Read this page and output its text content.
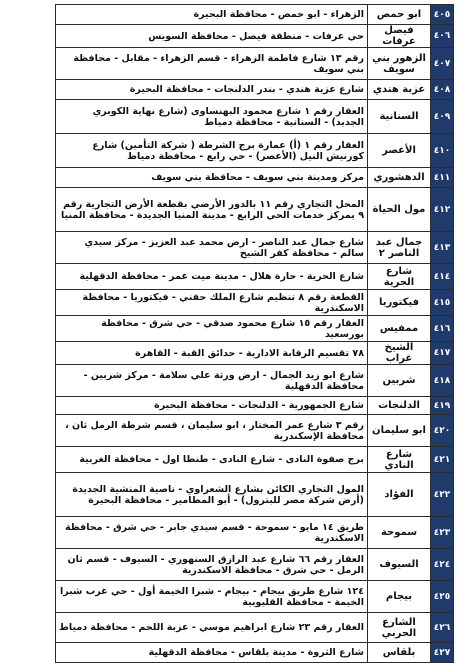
٤٠٥	ابو حمص	الزهراء - ابو حمص - محافظة البحيرة
٤٠٦	فيصل عرفات	حي عرفات - منطقة فيصل - محافظة السويس
٤٠٧	الزهور بني سويف	رقم ١٣ شارع فاطمة الزهراء - قسم الزهراء - مقابل - محافظة بني سويف
٤٠٨	عزبة هندي	شارع عزبة هندي - بندر الدلنجات - محافظة البحيرة
٤٠٩	السنانية	العقار رقم ١ شارع محمود البهنساوى (شارع نهاية الكوبري الجديد) - السنانية - محافظة دمياط
٤١٠	الأعصر	العقار رقم ١ (أ) عمارة برج الشرطة ( شركة التأمين) شارع كورنيش النيل (الأعصر) - حي رابع - محافظة دمياط
٤١١	الدهشوري	مركز ومدينة بني سويف - محافظة بني سويف
٤١٢	مول الحياة	المحل التجاري رقم ١١ بالدور الأرضي بقطعة الأرض التجارية رقم ٩ بمركز خدمات الحي الرابع - مدينة المنيا الجديدة - محافظة المنيا
٤١٣	جمال عبد الناصر ٢	شارع جمال عبد الناصر - ارض محمد عبد العزيز - مركز سيدي سالم - محافظة كفر الشيخ
٤١٤	شارع الحرية	شارع الحرية - حارة هلال - مدينة ميت غمر - محافظة الدقهلية
٤١٥	فيكتوريا	القطعة رقم ٨ تنظيم شارع الملك حفني - فيكتوريا - محافظة الاسكندرية
٤١٦	ممفيس	العقار رقم ١٥ شارع محمود صدقي - حي شرق - محافظة بورسعيد
٤١٧	الشيخ غراب	٧٨ تقسيم الرقابة الادارية - حدائق القبة - القاهرة
٤١٨	شربين	شارع ابو زيد الجمال - ارض ورثة علي سلامة - مركز شربين - محافظة الدقهلية
٤١٩	الدلنجات	شارع الجمهورية - الدلنجات - محافظة البحيرة
٤٢٠	ابو سليمان	رقم ٣ شارع عمر المختار ، ابو سليمان ، قسم شرطة الرمل ثان ، محافظة الإسكندرية
٤٢١	شارع النادي	برج صفوة النادى - شارع النادى - طنطا اول - محافظة الغربية
٤٢٢	الفؤاد	المول التجاري الكائن بشارع الشعراوي - ناصية المنشية الجديدة (أرض شركة مصر للبترول) - أبو المطامير - محافظة البحيرة
٤٢٣	سموحة	طريق ١٤ مايو - سموحة - قسم سيدي جابر - حي شرق - محافظة الاسكندرية
٤٢٤	السيوف	العقار رقم ٦٦ شارع عبد الرازق السنهوري - السيوف - قسم ثان الرمل - حي شرق - محافظة الاسكندرية
٤٢٥	بيجام	١٢٤ شارع طريق بيجام - بيجام - شبرا الخيمة أول - حي غرب شبرا الخيمة - محافظة القليوبية
٤٢٦	الشارع الحربي	العقار رقم ٢٣ شارع ابراهيم موسي - عزبة اللحم - محافظة دمياط
٤٢٧	بلقاس	شارع الثروة - مدينة بلقاس - محافظة الدقهلية
